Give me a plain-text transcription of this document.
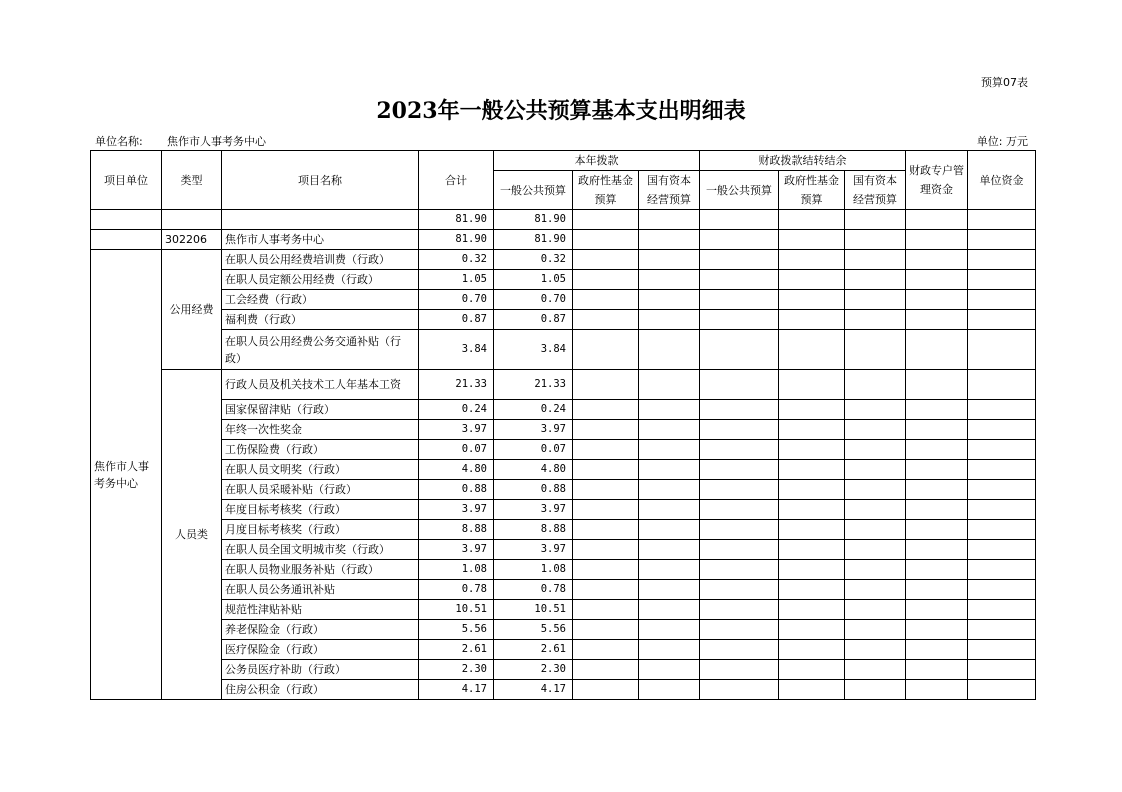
预算07表
2023年一般公共预算基本支出明细表
单位名称: 焦作市人事考务中心	单位: 万元
项目单位	类型	项目名称	合计	本年拨款			财政拨款结转结余			财政专户管理资金	单位资金
				一般公共预算	政府性基金预算	国有资本经营预算	一般公共预算	政府性基金预算	国有资本经营预算		

			81.90	81.90							
	302206	焦作市人事考务中心	81.90	81.90							
焦作市人事考务中心	公用经费	在职人员公用经费培训费（行政）	0.32	0.32							
		在职人员定额公用经费（行政）	1.05	1.05							
		工会经费（行政）	0.70	0.70							
		福利费（行政）	0.87	0.87							
		在职人员公用经费公务交通补贴（行政）	3.84	3.84							
	人员类	行政人员及机关技术工人年基本工资	21.33	21.33							
		国家保留津贴（行政）	0.24	0.24							
		年终一次性奖金	3.97	3.97							
		工伤保险费（行政）	0.07	0.07							
		在职人员文明奖（行政）	4.80	4.80							
		在职人员采暖补贴（行政）	0.88	0.88							
		年度目标考核奖（行政）	3.97	3.97							
		月度目标考核奖（行政）	8.88	8.88							
		在职人员全国文明城市奖（行政）	3.97	3.97							
		在职人员物业服务补贴（行政）	1.08	1.08							
		在职人员公务通讯补贴	0.78	0.78							
		规范性津贴补贴	10.51	10.51							
		养老保险金（行政）	5.56	5.56							
		医疗保险金（行政）	2.61	2.61							
		公务员医疗补助（行政）	2.30	2.30							
		住房公积金（行政）	4.17	4.17							
